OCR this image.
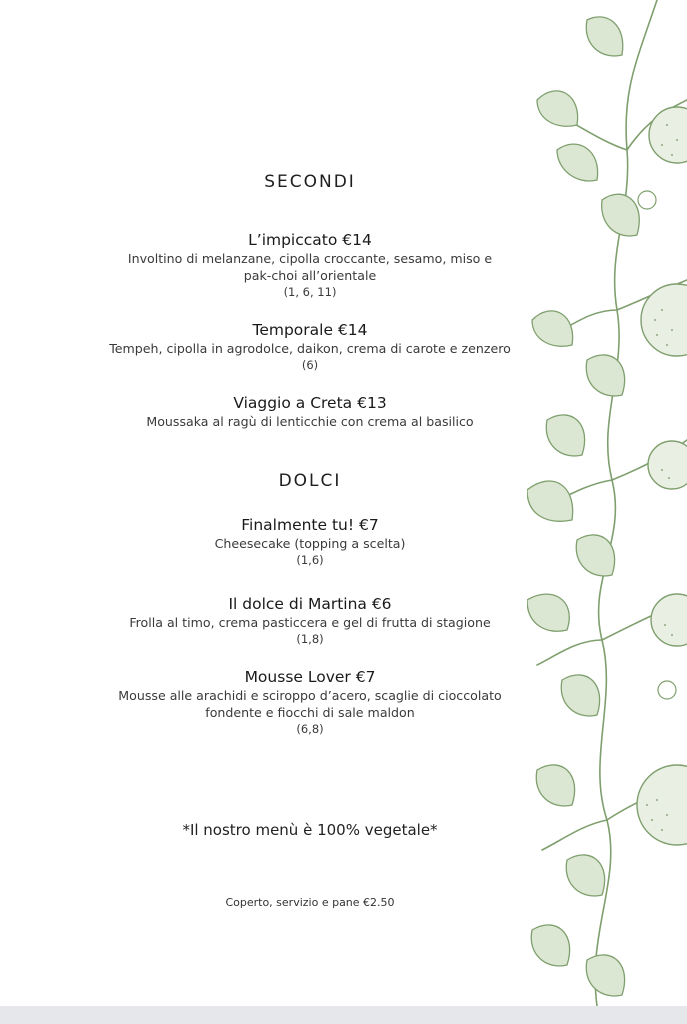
SECONDI
L’impiccato €14
Involtino di melanzane, cipolla croccante, sesamo, miso e
pak-choi all’orientale
(1, 6, 11)
Temporale €14
Tempeh, cipolla in agrodolce, daikon, crema di carote e zenzero
(6)
Viaggio a Creta €13
Moussaka al ragù di lenticchie con crema al basilico
DOLCI
Finalmente tu! €7
Cheesecake (topping a scelta)
(1,6)
Il dolce di Martina €6
Frolla al timo, crema pasticcera e gel di frutta di stagione
(1,8)
Mousse Lover €7
Mousse alle arachidi e sciroppo d’acero, scaglie di cioccolato
fondente e fiocchi di sale maldon
(6,8)
*Il nostro menù è 100% vegetale*
Coperto, servizio e pane €2.50
